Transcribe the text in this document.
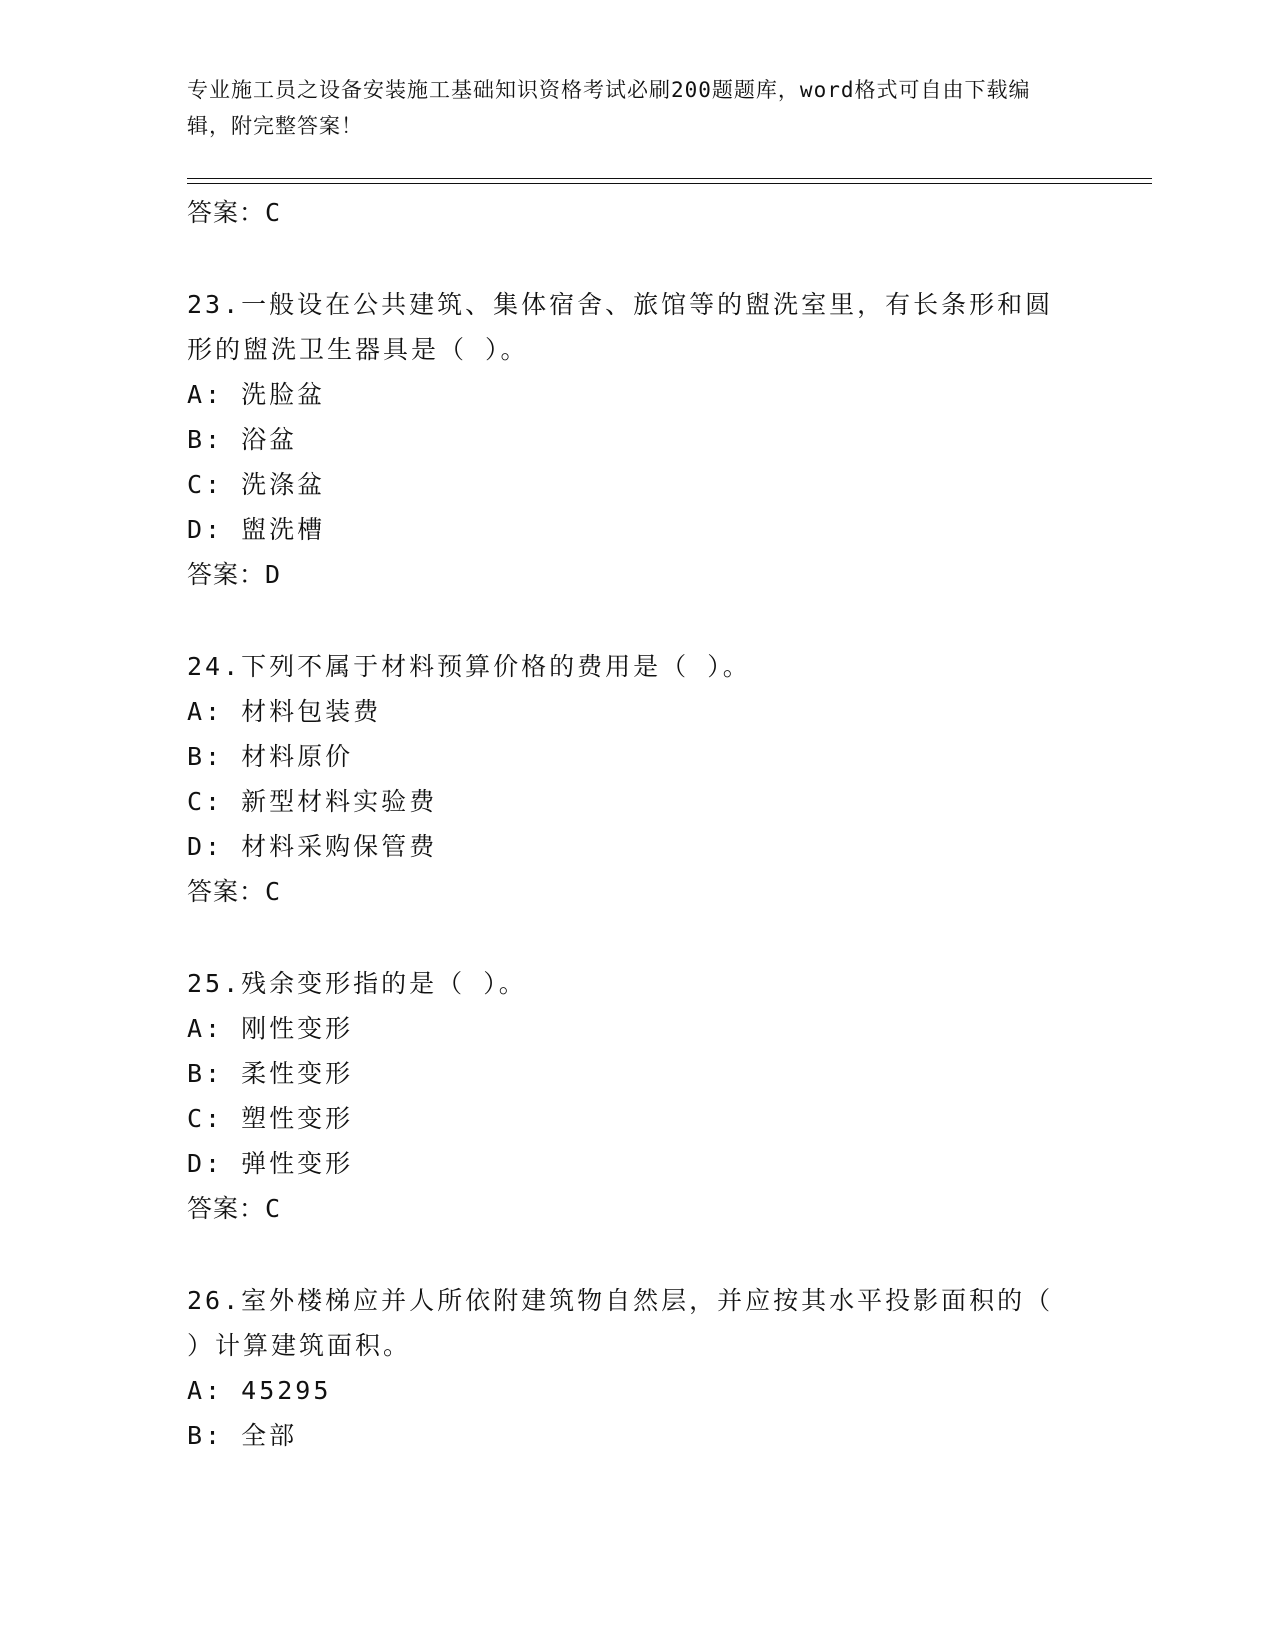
专业施工员之设备安装施工基础知识资格考试必刷200题题库，word格式可自由下载编辑，附完整答案！
答案：C
23.一般设在公共建筑、集体宿舍、旅馆等的盥洗室里，有长条形和圆形的盥洗卫生器具是（ ）。
A: 洗脸盆
B: 浴盆
C: 洗涤盆
D: 盥洗槽
答案：D
24.下列不属于材料预算价格的费用是（ ）。
A: 材料包装费
B: 材料原价
C: 新型材料实验费
D: 材料采购保管费
答案：C
25.残余变形指的是（ ）。
A: 刚性变形
B: 柔性变形
C: 塑性变形
D: 弹性变形
答案：C
26.室外楼梯应并人所依附建筑物自然层，并应按其水平投影面积的（ ）计算建筑面积。
A: 45295
B: 全部
